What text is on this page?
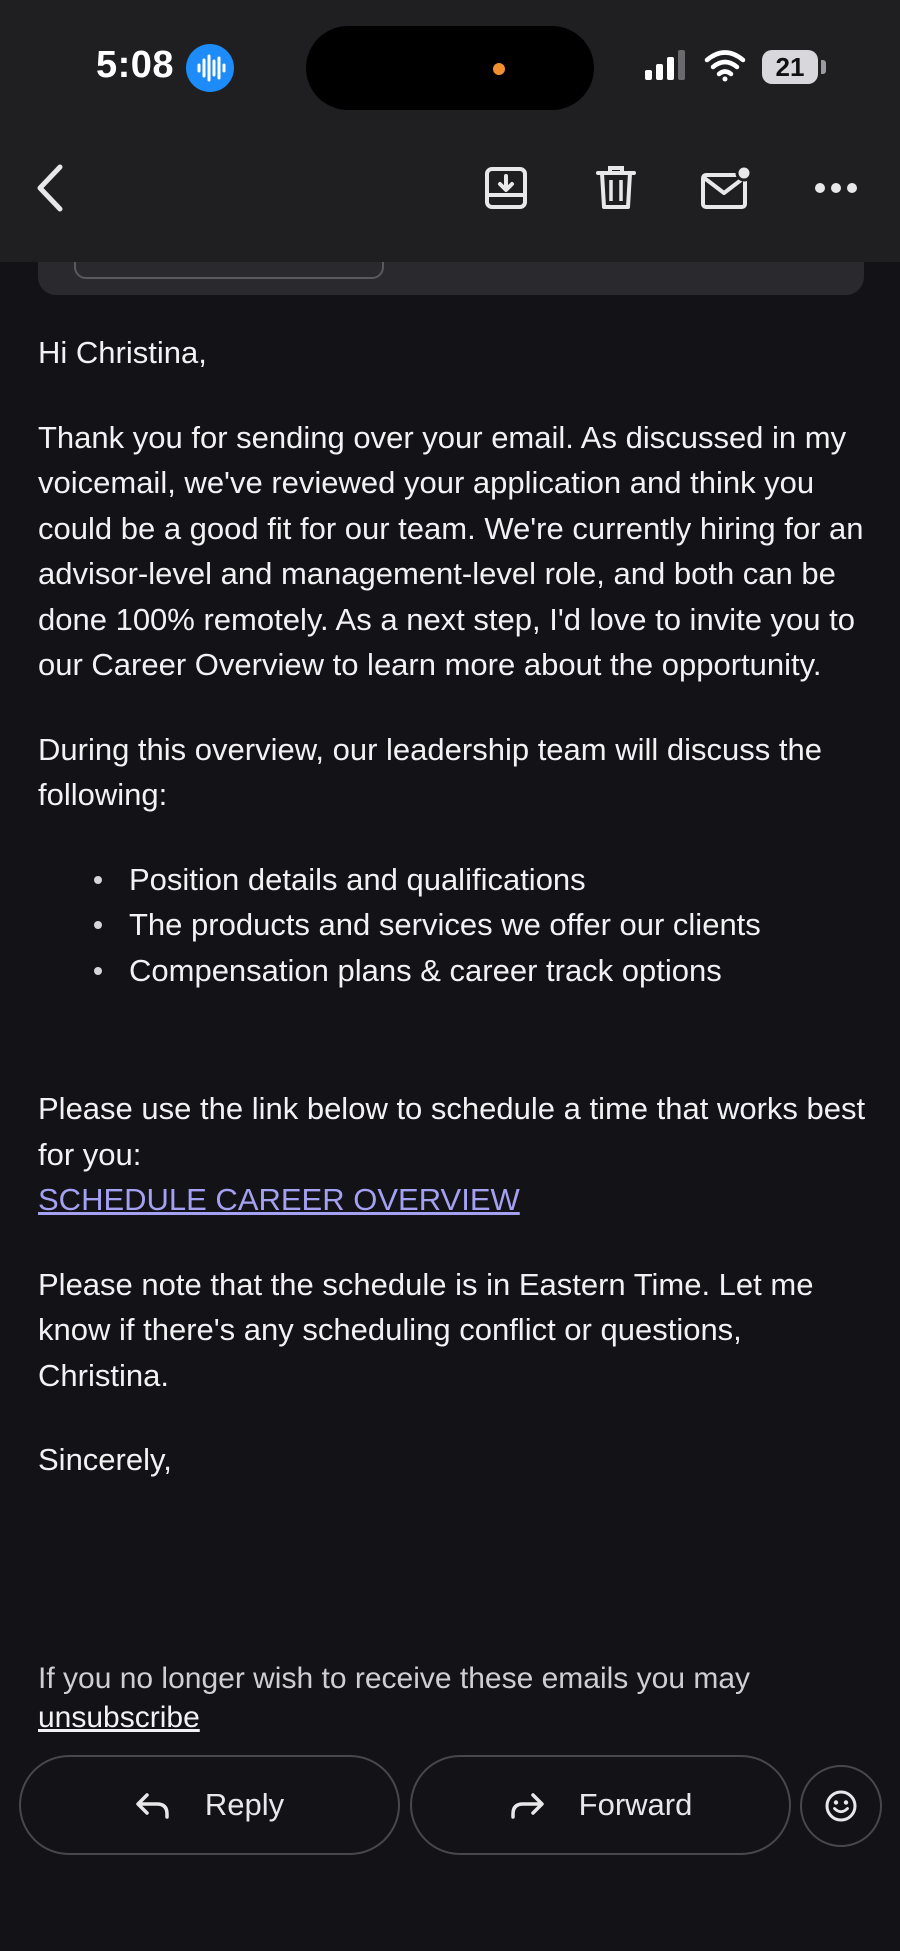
5:08	21

Hi Christina,

Thank you for sending over your email. As discussed in my voicemail, we've reviewed your application and think you could be a good fit for our team. We're currently hiring for an advisor-level and management-level role, and both can be done 100% remotely. As a next step, I'd love to invite you to our Career Overview to learn more about the opportunity.

During this overview, our leadership team will discuss the following:

Position details and qualifications
The products and services we offer our clients
Compensation plans & career track options

Please use the link below to schedule a time that works best for you:

SCHEDULE CAREER OVERVIEW

Please note that the schedule is in Eastern Time. Let me know if there's any scheduling conflict or questions, Christina.

Sincerely,

If you no longer wish to receive these emails you may
unsubscribe
Reply	Forward
